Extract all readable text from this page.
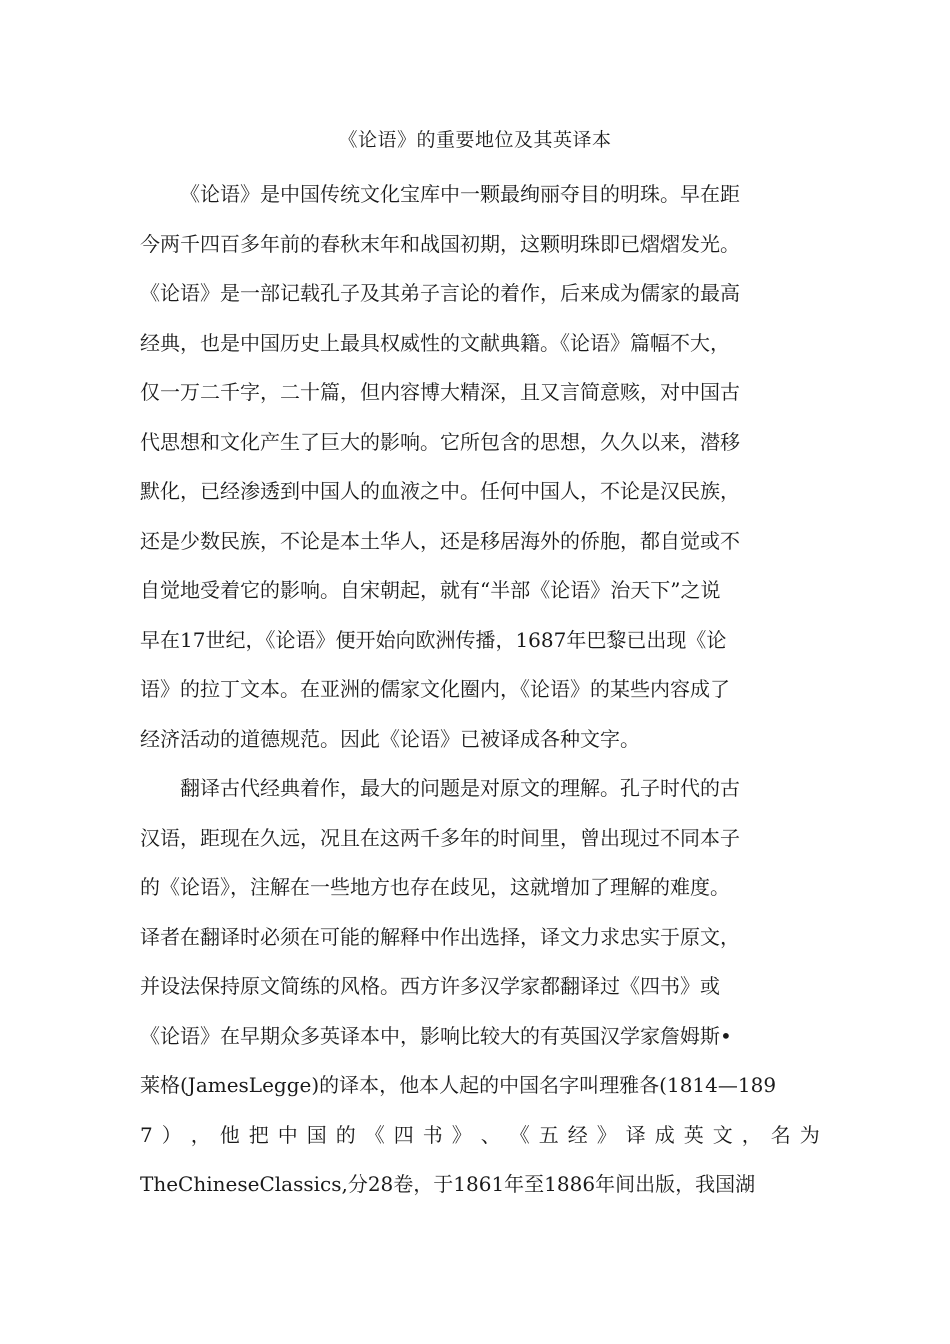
《论语》的重要地位及其英译本
《论语》是中国传统文化宝库中一颗最绚丽夺目的明珠。早在距
今两千四百多年前的春秋末年和战国初期，这颗明珠即已熠熠发光。
《论语》是一部记载孔子及其弟子言论的着作，后来成为儒家的最高
经典，也是中国历史上最具权威性的文献典籍。《论语》篇幅不大，
仅一万二千字，二十篇，但内容博大精深，且又言简意赅，对中国古
代思想和文化产生了巨大的影响。它所包含的思想，久久以来，潜移
默化，已经渗透到中国人的血液之中。任何中国人，不论是汉民族，
还是少数民族，不论是本土华人，还是移居海外的侨胞，都自觉或不
自觉地受着它的影响。自宋朝起，就有“半部《论语》治天下”之说
早在17世纪，《论语》便开始向欧洲传播，1687年巴黎已出现《论
语》的拉丁文本。在亚洲的儒家文化圈内，《论语》的某些内容成了
经济活动的道德规范。因此《论语》已被译成各种文字。
翻译古代经典着作，最大的问题是对原文的理解。孔子时代的古
汉语，距现在久远，况且在这两千多年的时间里，曾出现过不同本子
的《论语》，注解在一些地方也存在歧见，这就增加了理解的难度。
译者在翻译时必须在可能的解释中作出选择，译文力求忠实于原文，
并设法保持原文简练的风格。西方许多汉学家都翻译过《四书》或
《论语》在早期众多英译本中，影响比较大的有英国汉学家詹姆斯•
莱格(JamesLegge)的译本，他本人起的中国名字叫理雅各(1814—189
7 ） ， 他 把 中 国 的 《 四 书 》 、 《 五 经 》 译 成 英 文 ， 名 为
TheChineseClassics,分28卷，于1861年至1886年间出版，我国湖
